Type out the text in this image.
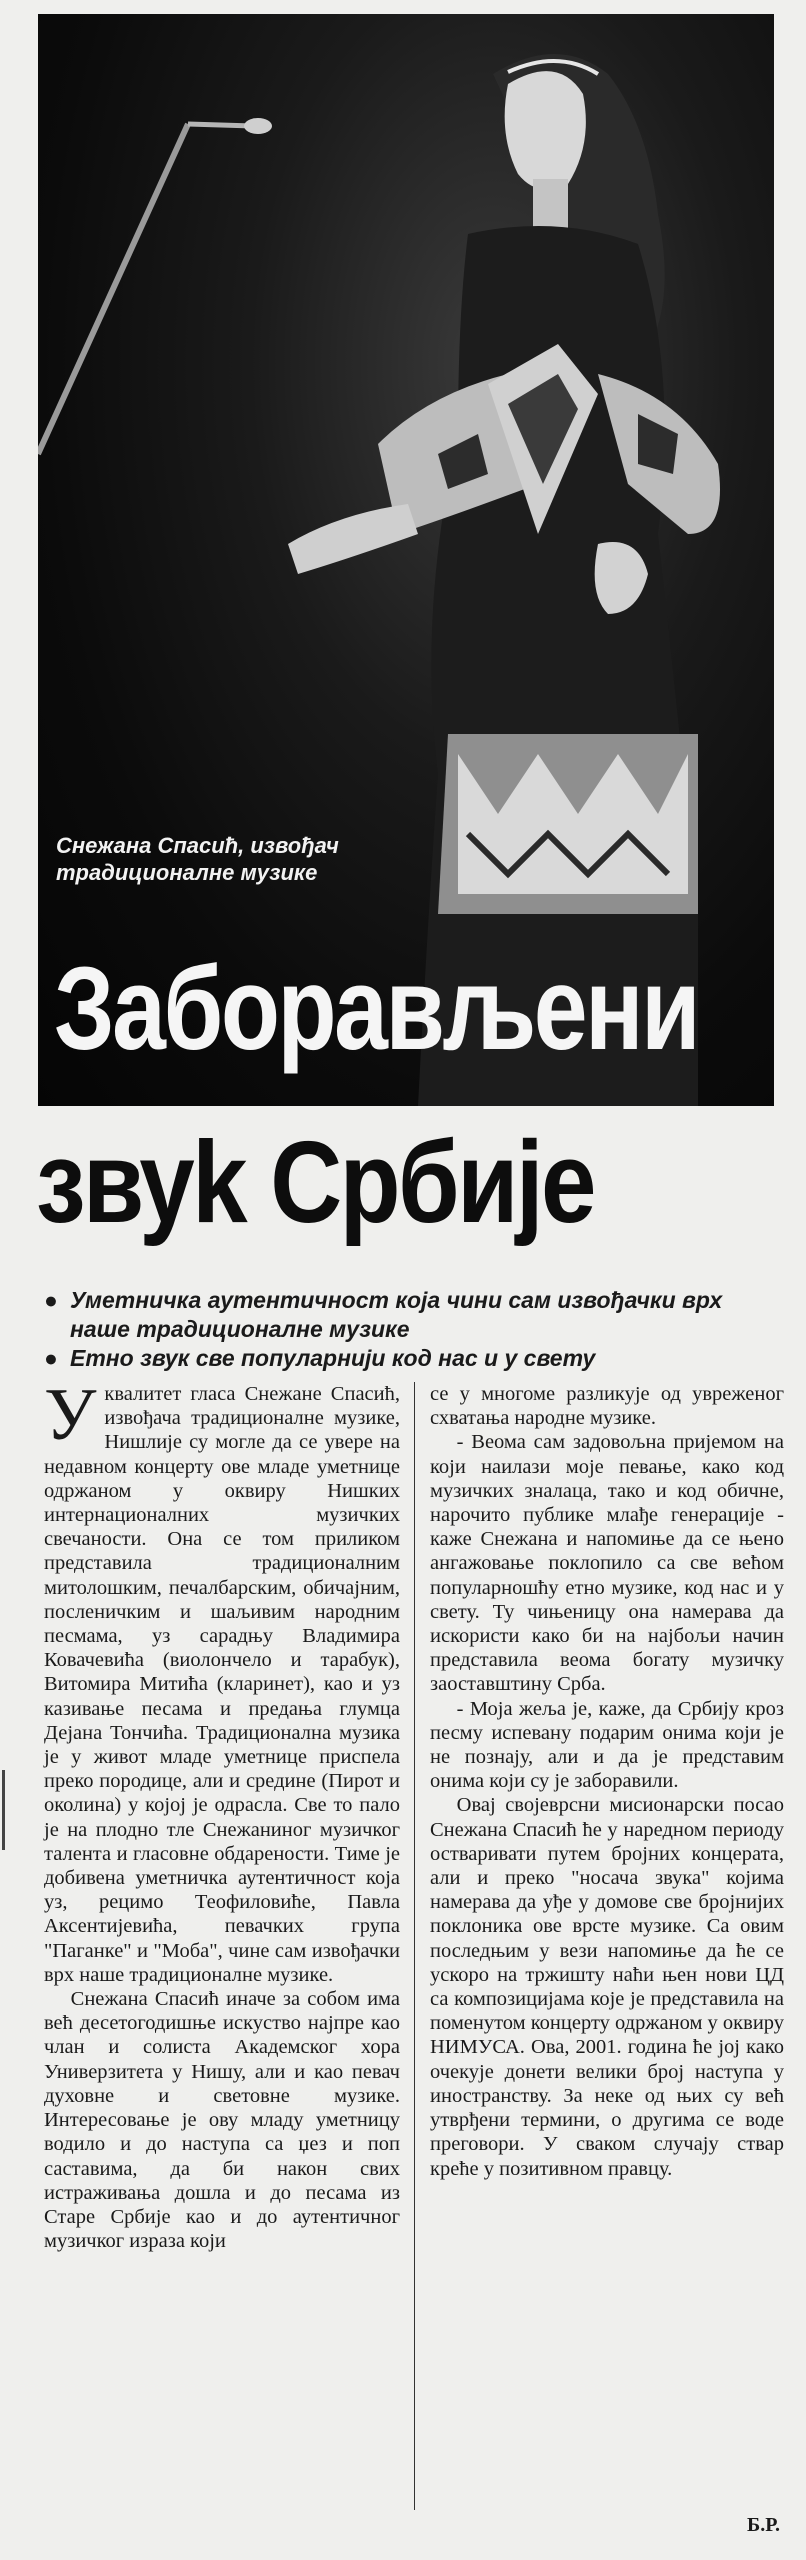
Снежана Спасић, извођач традиционалне музике
Заборављени
звуk Србије
● Уметничка аутентичност која чини сам извођачки врх наше традиционалне музике
● Етно звук све популарнији код нас и у свету

Уквалитет гласа Снежане Спасић, извођача традиционалне музике, Нишлије су могле да се увере на недавном концерту ове младе уметнице одржаном у оквиру Нишких интернационалних музичких свечаности. Она се том приликом представила традиционалним митолошким, печалбарским, обичајним, посленичким и шаљивим народним песмама, уз сарадњу Владимира Ковачевића (виолончело и тарабук), Витомира Митића (кларинет), као и уз казивање песама и предања глумца Дејана Тончића. Традиционална музика је у живот младе уметнице приспела преко породице, али и средине (Пирот и околина) у којој је одрасла. Све то пало је на плодно тле Снежаниног музичког талента и гласовне обдарености. Тиме је добивена уметничка аутентичност која уз, рецимо Теофиловиће, Павла Аксентијевића, певачких група "Паганке" и "Моба", чине сам извођачки врх наше традиционалне музике.

Снежана Спасић иначе за собом има већ десетогодишње искуство најпре као члан и солиста Академског хора Универзитета у Нишу, али и као певач духовне и световне музике. Интересовање је ову младу уметницу водило и до наступа са џез и поп саставима, да би након свих истраживања дошла и до песама из Старе Србије као и до аутентичног музичког израза који

се у многоме разликује од увреженог схватања народне музике.

- Веома сам задовољна пријемом на који наилази моје певање, како код музичких зналаца, тако и код обичне, нарочито публике млађе генерације - каже Снежана и напомиње да се њено ангажовање поклопило са све већом популарношћу етно музике, код нас и у свету. Ту чињеницу она намерава да искористи како би на најбољи начин представила веома богату музичку заоставштину Срба.

- Моја жеља је, каже, да Србију кроз песму испевану подарим онима који је не познају, али и да је представим онима који су је заборавили.

Овај својеврсни мисионарски посао Снежана Спасић ће у наредном периоду остваривати путем бројних концерата, али и преко "носача звука" којима намерава да уђе у домове све бројнијих поклоника ове врсте музике. Са овим последњим у вези напомиње да ће се ускоро на тржишту наћи њен нови ЦД са композицијама које је представила на поменутом концерту одржаном у оквиру НИМУСА. Ова, 2001. година ће јој како очекује донети велики број наступа у иностранству. За неке од њих су већ утврђени термини, о другима се воде преговори. У сваком случају ствар креће у позитивном правцу.

Б.Р.
